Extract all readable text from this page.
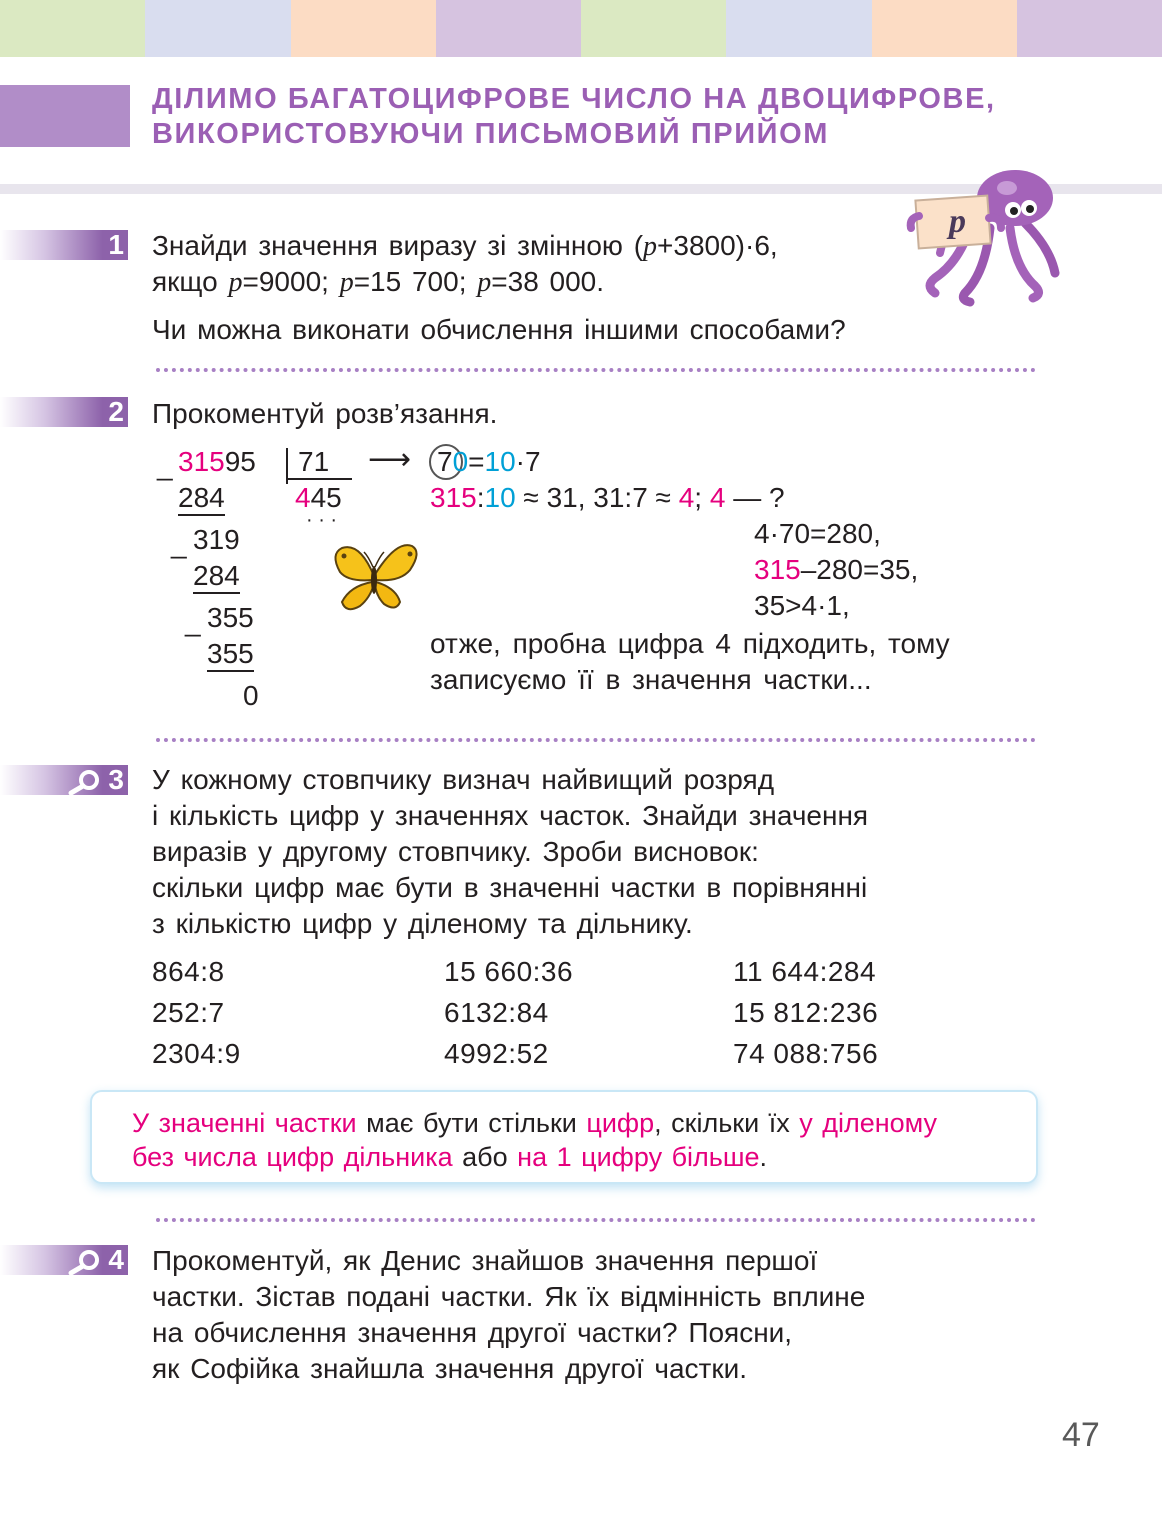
ДІЛИМО БАГАТОЦИФРОВЕ ЧИСЛО НА ДВОЦИФРОВЕ,
ВИКОРИСТОВУЮЧИ ПИСЬМОВИЙ ПРИЙОМ
p
1 Знайди значення виразу зі змінною (p+3800)·6,
якщо p=9000; p=15 700; p=38 000.
Чи можна виконати обчислення іншими способами?
2 Прокоментуй розв’язання.
_ 31595 71
445
· · ·
284
_ 319
284
_ 355
355
0
⟶ 70=10·7
315:10 ≈ 31, 31:7 ≈ 4; 4 — ?
4·70=280,
315–280=35,
35>4·1,
отже, пробна цифра 4 підходить, тому
записуємо її в значення частки...
3 У кожному стовпчику визнач найвищий розряд
і кількість цифр у значеннях часток. Знайди значення
виразів у другому стовпчику. Зроби висновок:
скільки цифр має бути в значенні частки в порівнянні
з кількістю цифр у діленому та дільнику.
864:8
252:7
2304:9
15 660:36
6132:84
4992:52
11 644:284
15 812:236
74 088:756
У значенні частки має бути стільки цифр, скільки їх у діленому
без числа цифр дільника або на 1 цифру більше.
4 Прокоментуй, як Денис знайшов значення першої
частки. Зістав подані частки. Як їх відмінність вплине
на обчислення значення другої частки? Поясни,
як Софійка знайшла значення другої частки.
47
